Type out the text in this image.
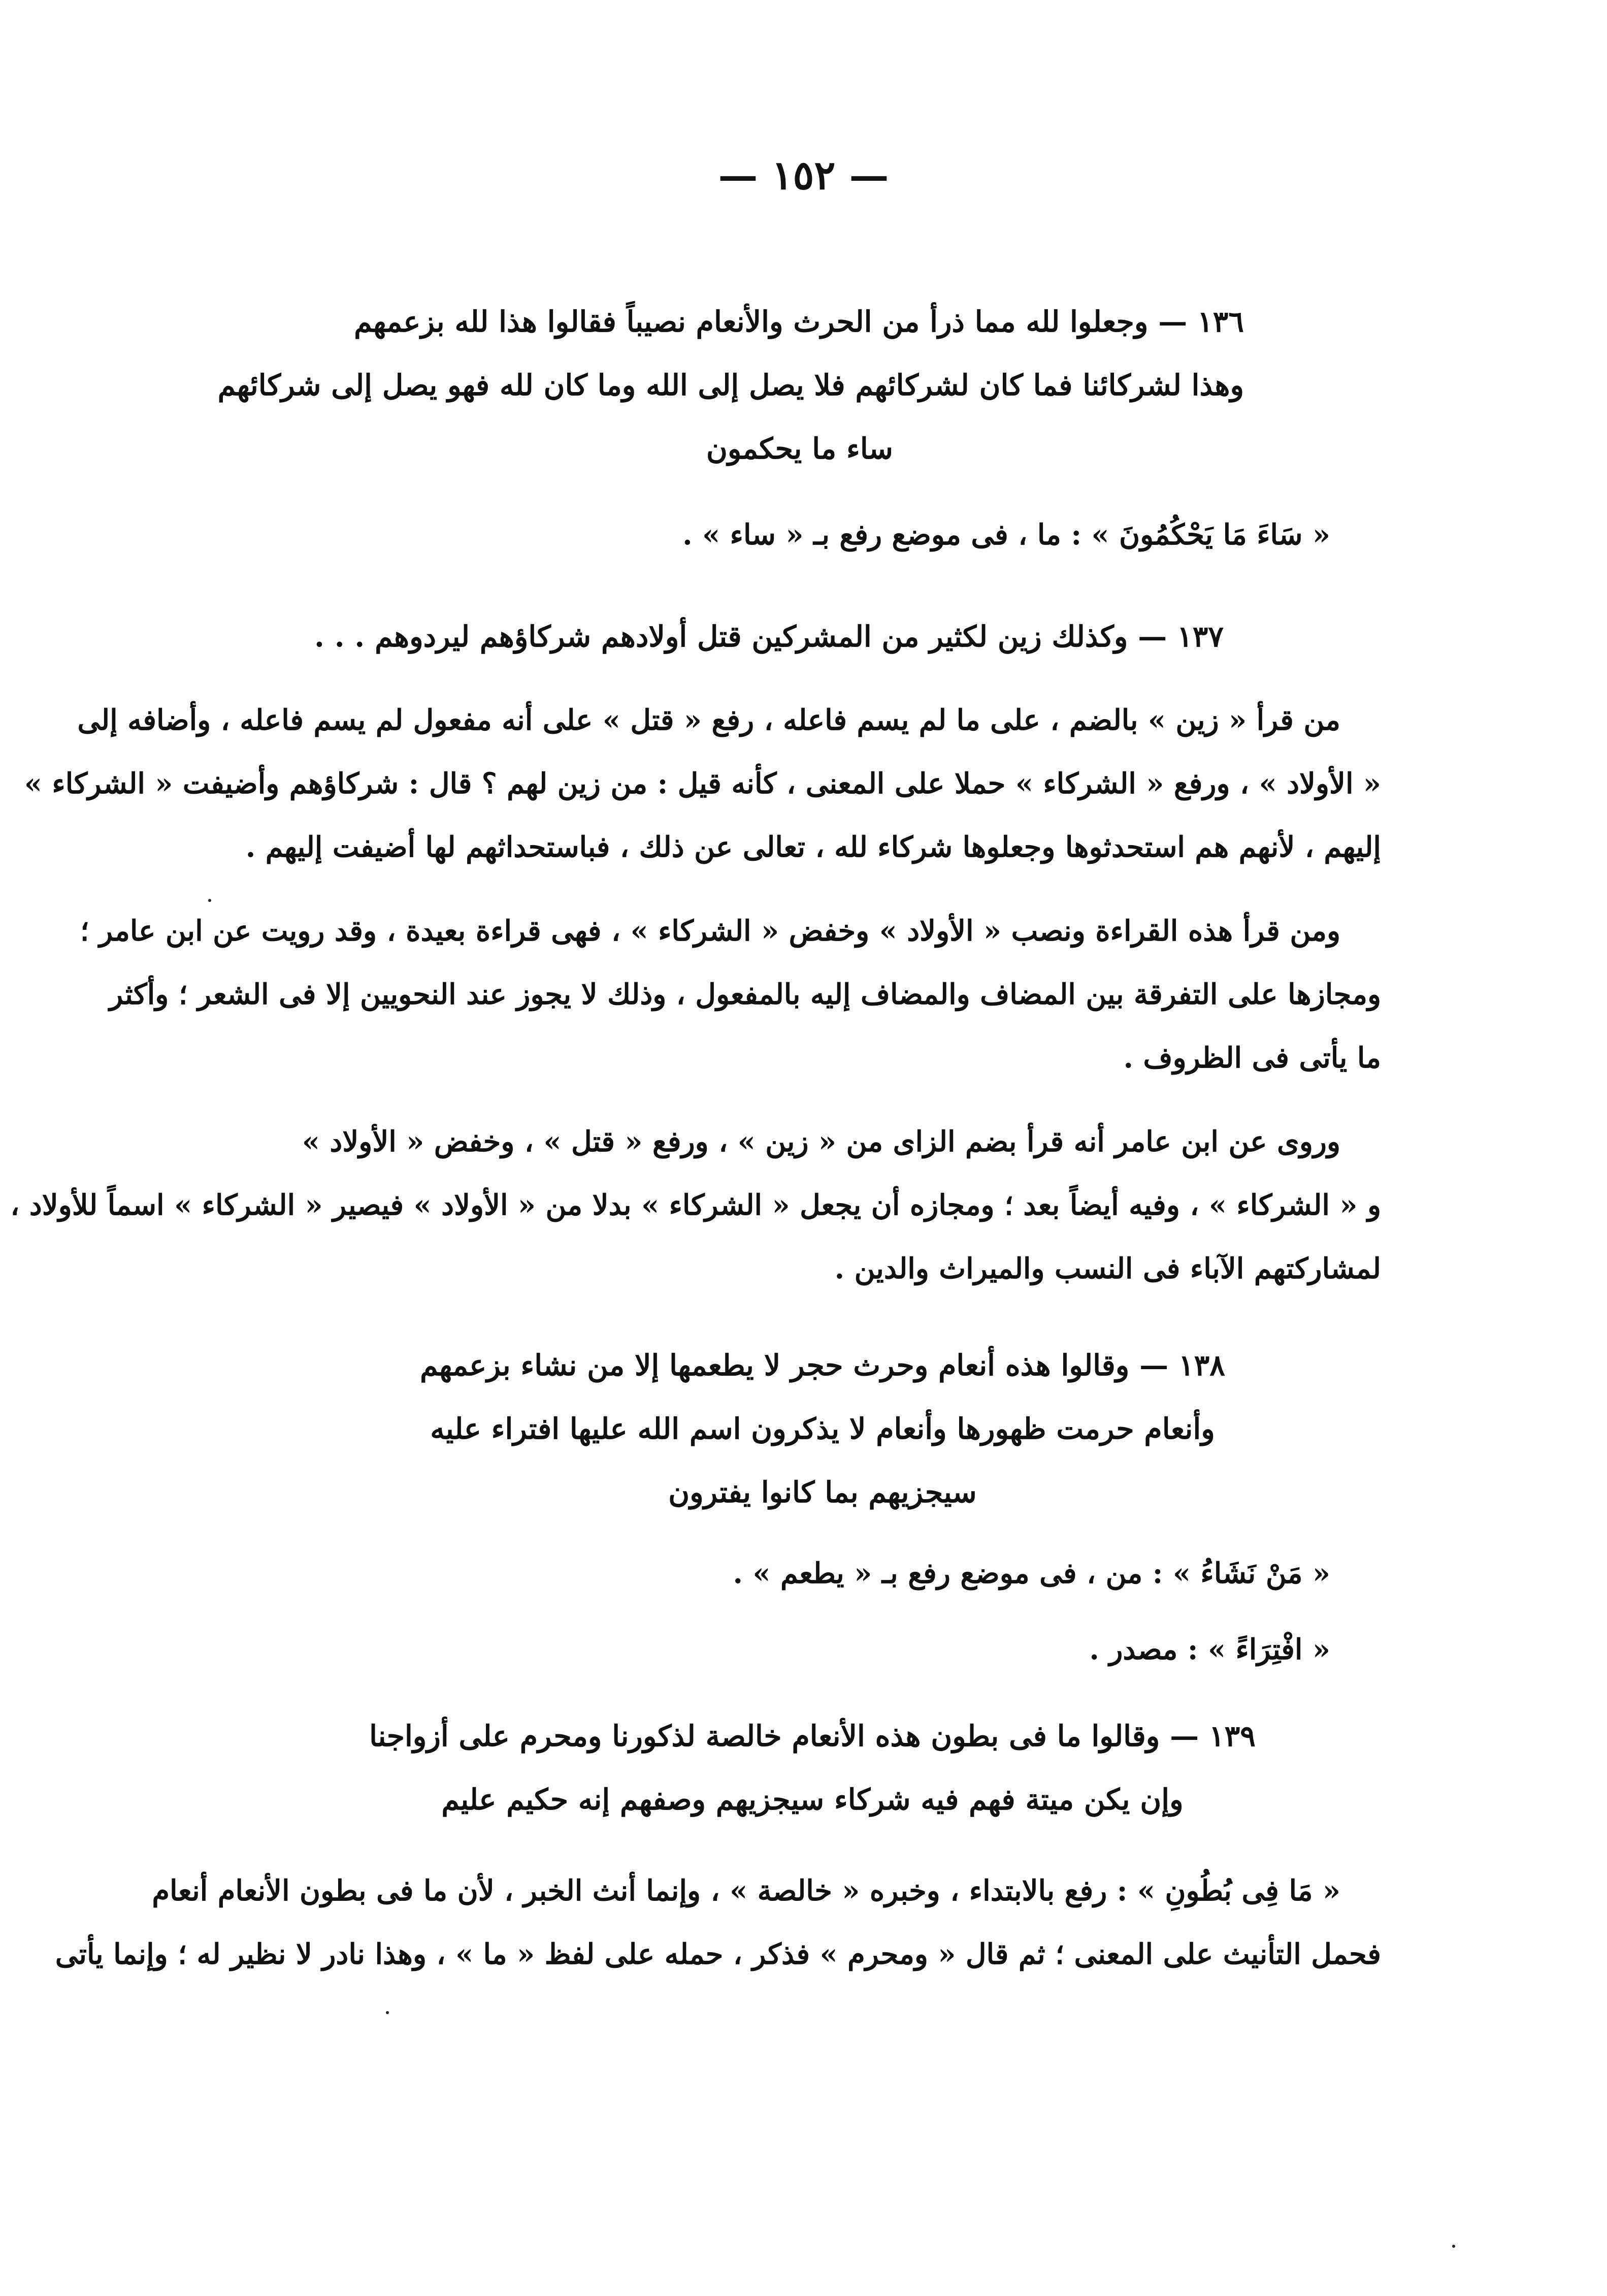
— ١٥٢ —
١٣٦ — وجعلوا لله مما ذرأ من الحرث والأنعام نصيباً فقالوا هذا لله بزعمهم
وهذا لشركائنا فما كان لشركائهم فلا يصل إلى الله وما كان لله فهو يصل إلى شركائهم
ساء ما يحكمون
« سَاءَ مَا يَحْكُمُونَ » : ما ، فى موضع رفع بـ « ساء » .
١٣٧ — وكذلك زين لكثير من المشركين قتل أولادهم شركاؤهم ليردوهم . . .
من قرأ « زين » بالضم ، على ما لم يسم فاعله ، رفع « قتل » على أنه مفعول لم يسم فاعله ، وأضافه إلى
« الأولاد » ، ورفع « الشركاء » حملا على المعنى ، كأنه قيل : من زين لهم ؟ قال : شركاؤهم وأضيفت « الشركاء »
إليهم ، لأنهم هم استحدثوها وجعلوها شركاء لله ، تعالى عن ذلك ، فباستحداثهم لها أضيفت إليهم .
ومن قرأ هذه القراءة ونصب « الأولاد » وخفض « الشركاء » ، فهى قراءة بعيدة ، وقد رويت عن ابن عامر ؛
ومجازها على التفرقة بين المضاف والمضاف إليه بالمفعول ، وذلك لا يجوز عند النحويين إلا فى الشعر ؛ وأكثر
ما يأتى فى الظروف .
وروى عن ابن عامر أنه قرأ بضم الزاى من « زين » ، ورفع « قتل » ، وخفض « الأولاد »
و « الشركاء » ، وفيه أيضاً بعد ؛ ومجازه أن يجعل « الشركاء » بدلا من « الأولاد » فيصير « الشركاء » اسماً للأولاد ،
لمشاركتهم الآباء فى النسب والميراث والدين .
١٣٨ — وقالوا هذه أنعام وحرث حجر لا يطعمها إلا من نشاء بزعمهم
وأنعام حرمت ظهورها وأنعام لا يذكرون اسم الله عليها افتراء عليه
سيجزيهم بما كانوا يفترون
« مَنْ نَشَاءُ » : من ، فى موضع رفع بـ « يطعم » .
« افْتِرَاءً » : مصدر .
١٣٩ — وقالوا ما فى بطون هذه الأنعام خالصة لذكورنا ومحرم على أزواجنا
وإن يكن ميتة فهم فيه شركاء سيجزيهم وصفهم إنه حكيم عليم
« مَا فِى بُطُونِ » : رفع بالابتداء ، وخبره « خالصة » ، وإنما أنث الخبر ، لأن ما فى بطون الأنعام أنعام
فحمل التأنيث على المعنى ؛ ثم قال « ومحرم » فذكر ، حمله على لفظ « ما » ، وهذا نادر لا نظير له ؛ وإنما يأتى
